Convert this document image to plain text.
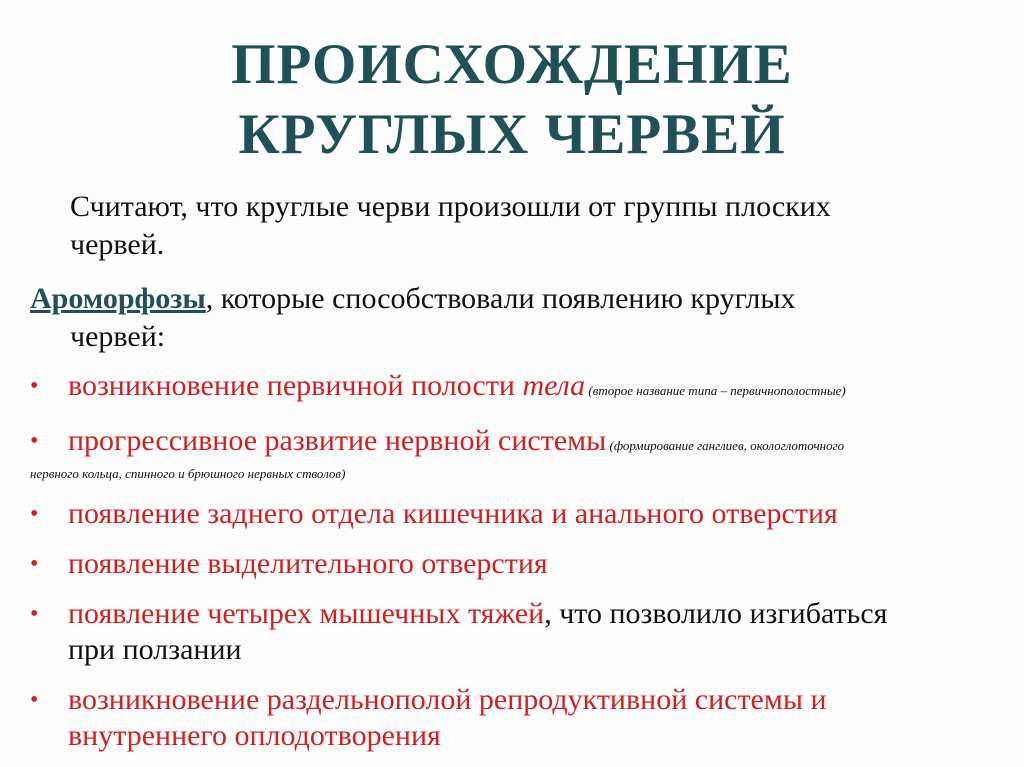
ПРОИСХОЖДЕНИЕ
КРУГЛЫХ ЧЕРВЕЙ
Считают, что круглые черви произошли от группы плоских
червей.
Ароморфозы, которые способствовали появлению круглых
червей:
• возникновение первичной полости тела (второе название типа – первичнополостные)
• прогрессивное развитие нервной системы (формирование ганглиев, окологлоточного
нервного кольца, спинного и брюшного нервных стволов)
• появление заднего отдела кишечника и анального отверстия
• появление выделительного отверстия
• появление четырех мышечных тяжей, что позволило изгибаться
при ползании
• возникновение раздельнополой репродуктивной системы и
внутреннего оплодотворения
